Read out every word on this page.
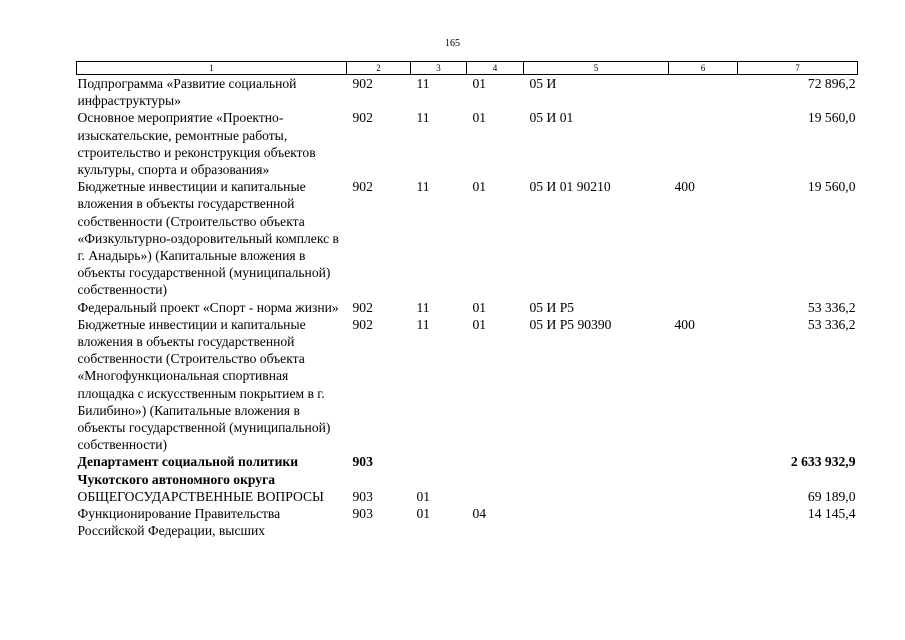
165
1	2	3	4	5	6	7
Подпрограмма «Развитие социальной инфраструктуры»	902	11	01	05 И		72 896,2
Основное мероприятие «Проектно-изыскательские, ремонтные работы, строительство и реконструкция объектов культуры, спорта и образования»	902	11	01	05 И 01		19 560,0
Бюджетные инвестиции и капитальные вложения в объекты государственной собственности (Строительство объекта «Физкультурно-оздоровительный комплекс в г. Анадырь») (Капитальные вложения в объекты государственной (муниципальной) собственности)	902	11	01	05 И 01 90210	400	19 560,0
Федеральный проект «Спорт - норма жизни»	902	11	01	05 И P5		53 336,2
Бюджетные инвестиции и капитальные вложения в объекты государственной собственности (Строительство объекта «Многофункциональная спортивная площадка с искусственным покрытием в г. Билибино») (Капитальные вложения в объекты государственной (муниципальной) собственности)	902	11	01	05 И P5 90390	400	53 336,2
Департамент социальной политики Чукотского автономного округа	903					2 633 932,9
ОБЩЕГОСУДАРСТВЕННЫЕ ВОПРОСЫ	903	01				69 189,0
Функционирование Правительства Российской Федерации, высших	903	01	04			14 145,4
